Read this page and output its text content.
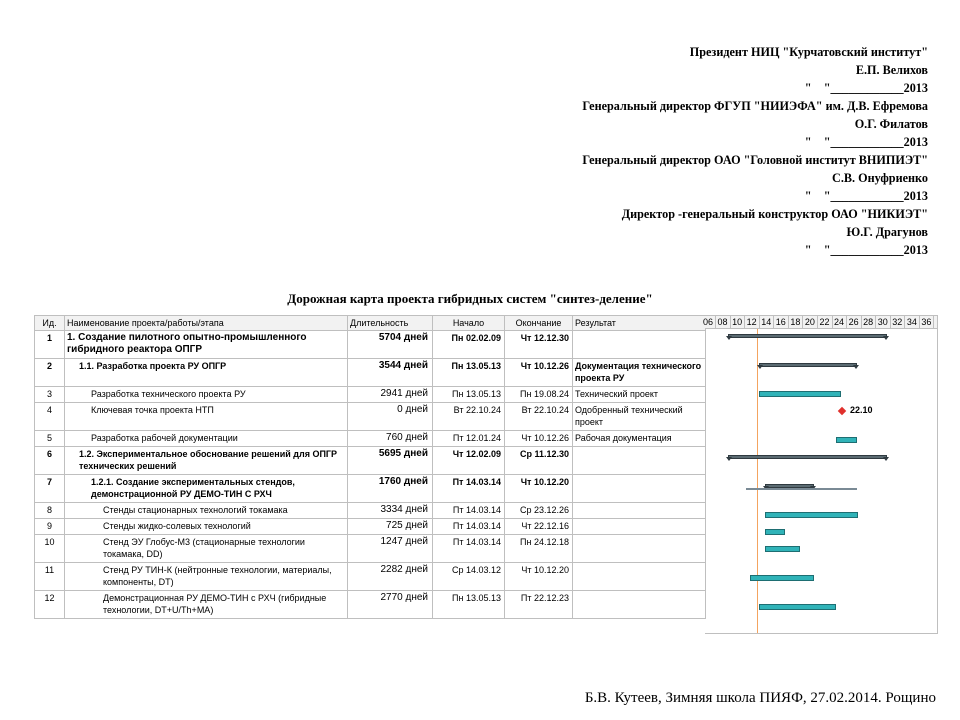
Президент НИЦ "Курчатовский институт"
Е.П. Велихов
"    "____________2013
Генеральный директор ФГУП "НИИЭФА" им. Д.В. Ефремова
О.Г. Филатов
"    "____________2013
Генеральный директор ОАО "Головной институт ВНИПИЭТ"
С.В. Онуфриенко
"    "____________2013
Директор -генеральный конструктор ОАО "НИКИЭТ"
Ю.Г. Драгунов
"    "____________2013
Дорожная карта проекта гибридных систем "синтез-деление"
Ид.	Наименование проекта/работы/этапа	Длительность	Начало	Окончание	Результат
1	1. Создание пилотного опытно-промышленного гибридного реактора ОПГР	5704 дней	Пн 02.02.09	Чт 12.12.30	
2	1.1. Разработка проекта РУ ОПГР	3544 дней	Пн 13.05.13	Чт 10.12.26	Документация технического проекта РУ
3	Разработка технического проекта РУ	2941 дней	Пн 13.05.13	Пн 19.08.24	Технический проект
4	Ключевая точка проекта НТП	0 дней	Вт 22.10.24	Вт 22.10.24	Одобренный технический проект
5	Разработка рабочей документации	760 дней	Пт 12.01.24	Чт 10.12.26	Рабочая документация
6	1.2. Экспериментальное обоснование решений для ОПГР технических решений	5695 дней	Чт 12.02.09	Ср 11.12.30	
7	1.2.1. Создание экспериментальных стендов, демонстрационной РУ ДЕМО-ТИН С РХЧ	1760 дней	Пт 14.03.14	Чт 10.12.20	
8	Стенды стационарных технологий токамака	3334 дней	Пт 14.03.14	Ср 23.12.26	
9	Стенды жидко-солевых технологий	725 дней	Пт 14.03.14	Чт 22.12.16	
10	Стенд ЭУ Глобус-М3 (стационарные технологии токамака, DD)	1247 дней	Пт 14.03.14	Пн 24.12.18	
11	Стенд РУ ТИН-К (нейтронные технологии, материалы, компоненты, DT)	2282 дней	Ср 14.03.12	Чт 10.12.20	
12	Демонстрационная РУ ДЕМО-ТИН с РХЧ (гибридные технологии, DT+U/Th+MA)	2770 дней	Пн 13.05.13	Пт 22.12.23	
06 08 10 12 14 16 18 20 22 24 26 28 30 32 34 36
22.10
Б.В. Кутеев, Зимняя школа ПИЯФ, 27.02.2014. Рощино
